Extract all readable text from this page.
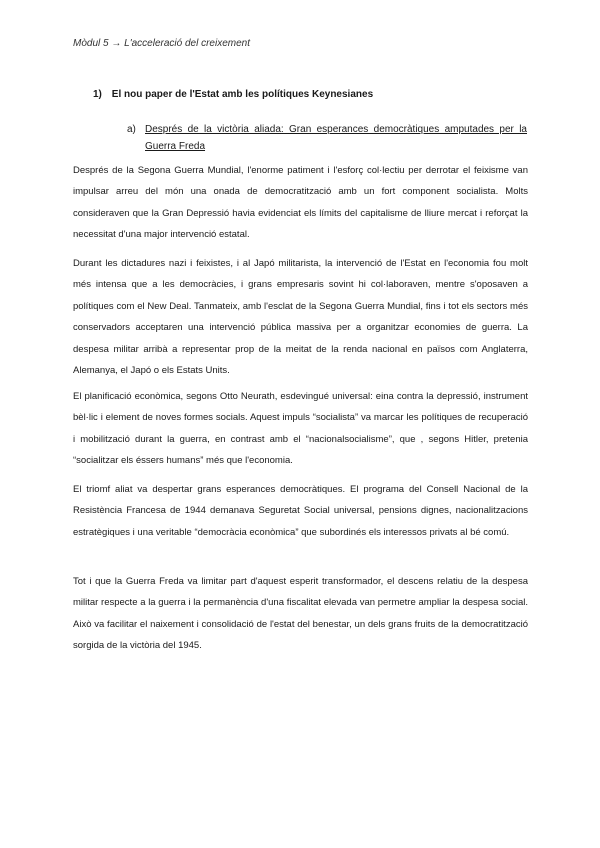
Mòdul 5 → L'acceleració del creixement
1) El nou paper de l'Estat amb les polítiques Keynesianes
a) Després de la victòria aliada: Gran esperances democràtiques amputades per la Guerra Freda

Després de la Segona Guerra Mundial, l'enorme patiment i l'esforç col·lectiu per derrotar el feixisme van impulsar arreu del món una onada de democratització amb un fort component socialista. Molts consideraven que la Gran Depressió havia evidenciat els límits del capitalisme de lliure mercat i reforçat la necessitat d'una major intervenció estatal.

Durant les dictadures nazi i feixistes, i al Japó militarista, la intervenció de l'Estat en l'economia fou molt més intensa que a les democràcies, i grans empresaris sovint hi col·laboraven, mentre s'oposaven a polítiques com el New Deal. Tanmateix, amb l'esclat de la Segona Guerra Mundial, fins i tot els sectors més conservadors acceptaren una intervenció pública massiva per a organitzar economies de guerra. La despesa militar arribà a representar prop de la meitat de la renda nacional en països com Anglaterra, Alemanya, el Japó o els Estats Units.

El planificació econòmica, segons Otto Neurath, esdevingué universal: eina contra la depressió, instrument bèl·lic i element de noves formes socials. Aquest impuls “socialista” va marcar les polítiques de recuperació i mobilització durant la guerra, en contrast amb el “nacionalsocialisme”, que , segons Hitler, pretenia “socialitzar els éssers humans” més que l'economia.

El triomf aliat va despertar grans esperances democràtiques. El programa del Consell Nacional de la Resistència Francesa de 1944 demanava Seguretat Social universal, pensions dignes, nacionalitzacions estratègiques i una veritable “democràcia econòmica” que subordinés els interessos privats al bé comú.

Tot i que la Guerra Freda va limitar part d'aquest esperit transformador, el descens relatiu de la despesa militar respecte a la guerra i la permanència d'una fiscalitat elevada van permetre ampliar la despesa social. Això va facilitar el naixement i consolidació de l'estat del benestar, un dels grans fruits de la democratització sorgida de la victòria del 1945.
